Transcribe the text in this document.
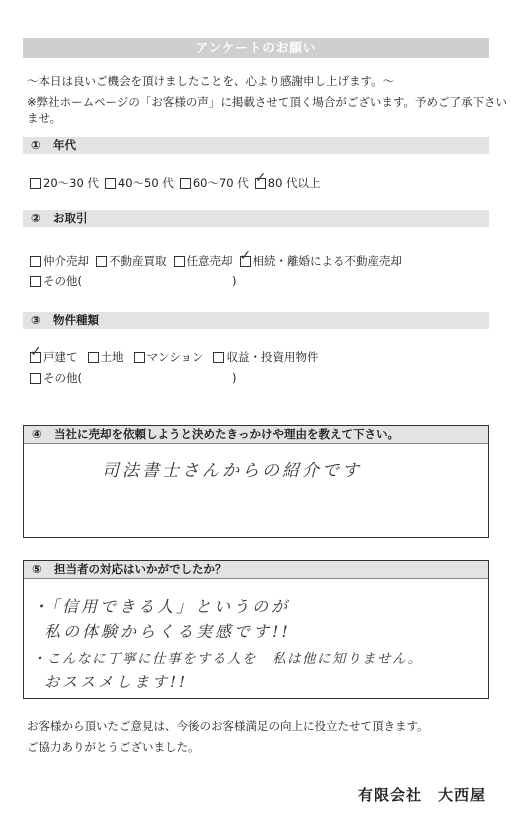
アンケートのお願い
～本日は良いご機会を頂けましたことを、心より感謝申し上げます。～
※弊社ホームページの「お客様の声」に掲載させて頂く場合がございます。予めご了承下さいませ。
① 年代
20～30 代 40～50 代 60～70 代 ✓ 80 代以上
② お取引
仲介売却 不動産買取 任意売却 ✓ 相続・離婚による不動産売却
その他(	)
③ 物件種類
✓ 戸建て 土地 マンション 収益・投資用物件
その他(	)
④ 当社に売却を依頼しようと決めたきっかけや理由を教えて下さい。
司法書士さんからの紹介です
⑤ 担当者の対応はいかがでしたか？
・「信用できる人」というのが
私の体験からくる実感です!!
・こんなに丁寧に仕事をする人を　私は他に知りません。
おススメします!!
お客様から頂いたご意見は、今後のお客様満足の向上に役立たせて頂きます。
ご協力ありがとうございました。
有限会社　大西屋
